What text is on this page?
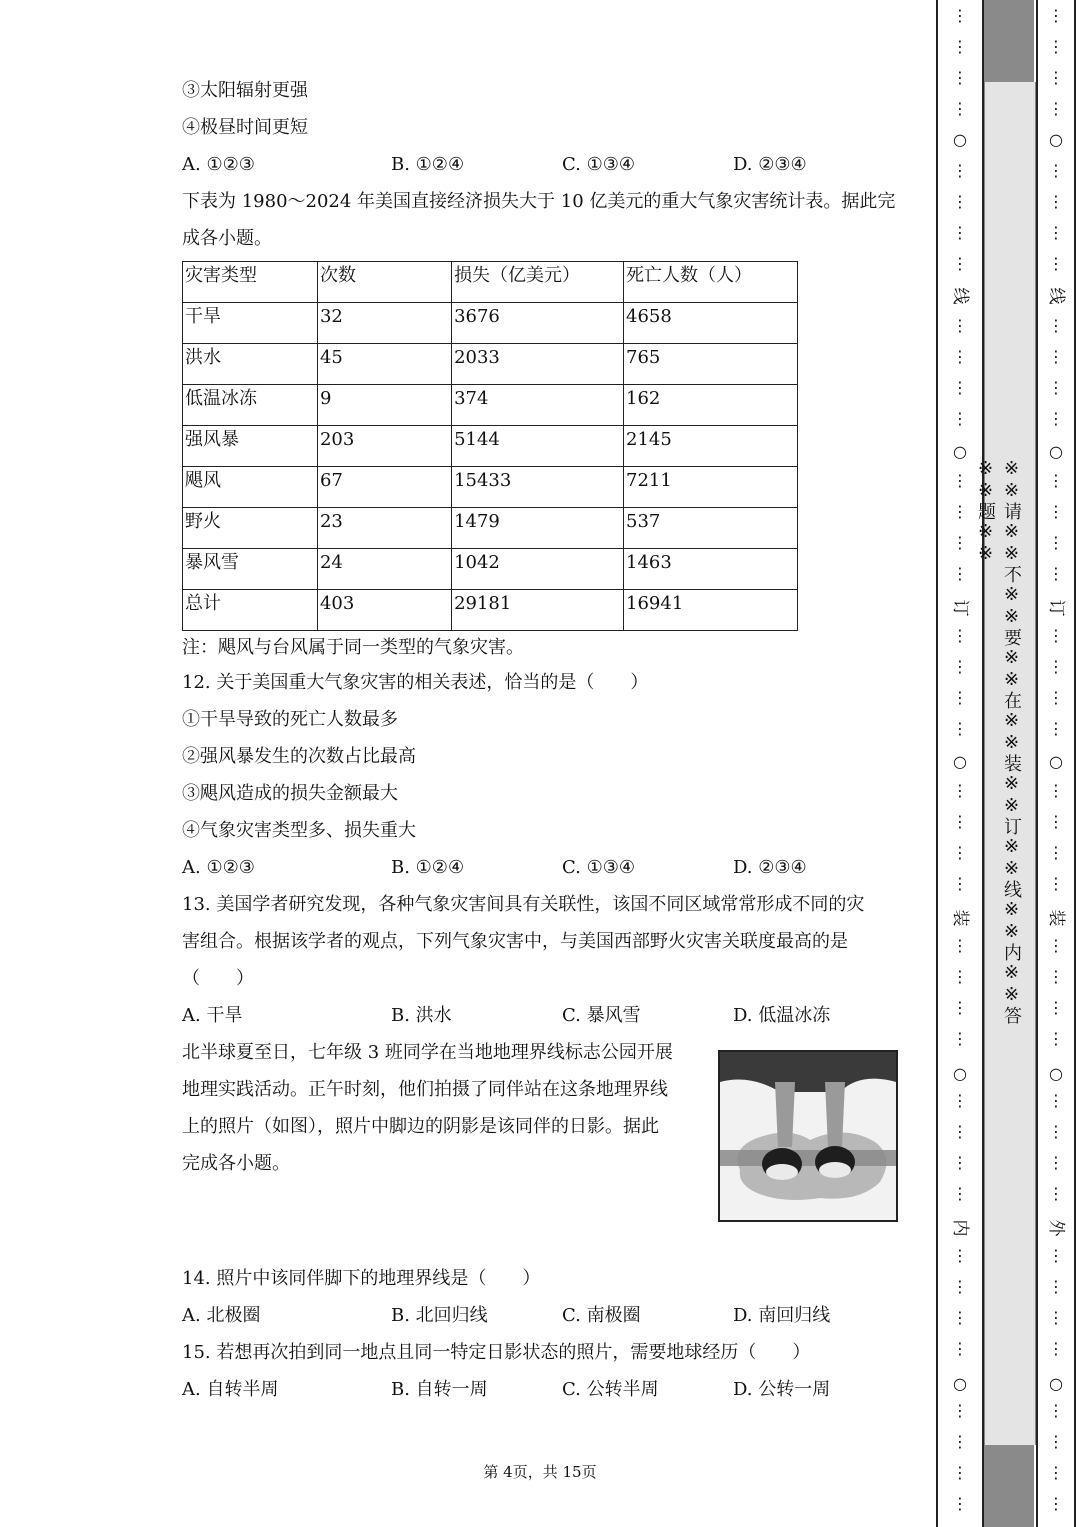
③太阳辐射更强
④极昼时间更短
A. ①②③	B. ①②④	C. ①③④	D. ②③④
下表为 1980～2024 年美国直接经济损失大于 10 亿美元的重大气象灾害统计表。据此完
成各小题。
灾害类型	次数	损失（亿美元）	死亡人数（人）
干旱	32	3676	4658
洪水	45	2033	765
低温冰冻	9	374	162
强风暴	203	5144	2145
飓风	67	15433	7211
野火	23	1479	537
暴风雪	24	1042	1463
总计	403	29181	16941
注：飓风与台风属于同一类型的气象灾害。
12. 关于美国重大气象灾害的相关表述，恰当的是（　　）
①干旱导致的死亡人数最多
②强风暴发生的次数占比最高
③飓风造成的损失金额最大
④气象灾害类型多、损失重大
A. ①②③	B. ①②④	C. ①③④	D. ②③④
13. 美国学者研究发现，各种气象灾害间具有关联性，该国不同区域常常形成不同的灾
害组合。根据该学者的观点，下列气象灾害中，与美国西部野火灾害关联度最高的是
（　　）
A. 干旱	B. 洪水	C. 暴风雪	D. 低温冰冻
北半球夏至日，七年级 3 班同学在当地地理界线标志公园开展
地理实践活动。正午时刻，他们拍摄了同伴站在这条地理界线
上的照片（如图），照片中脚边的阴影是该同伴的日影。据此
完成各小题。
14. 照片中该同伴脚下的地理界线是（　　）
A. 北极圈	B. 北回归线	C. 南极圈	D. 南回归线
15. 若想再次拍到同一地点且同一特定日影状态的照片，需要地球经历（　　）
A. 自转半周	B. 自转一周	C. 公转半周	D. 公转一周
第 4页，共 15页
※※请※※不※※要※※在※※装※※订※※线※※内※※答※※题※※
⋮
⋮
⋮
⋮
⋮
⋮
⋮
⋮
⋮
⋮
⋮
⋮
⋮
⋮
⋮
⋮
⋮
⋮
⋮
⋮
⋮
⋮
⋮
⋮
⋮
⋮
⋮
⋮
⋮
⋮
⋮
⋮
⋮
⋮
⋮
⋮
⋮
⋮
⋮
⋮
○
○
○
○
○
线
订
装
内
⋮
⋮
⋮
⋮
⋮
⋮
⋮
⋮
⋮
⋮
⋮
⋮
⋮
⋮
⋮
⋮
⋮
⋮
⋮
⋮
⋮
⋮
⋮
⋮
⋮
⋮
⋮
⋮
⋮
⋮
⋮
⋮
⋮
⋮
⋮
⋮
⋮
⋮
⋮
⋮
○
○
○
○
○
线
订
装
外
